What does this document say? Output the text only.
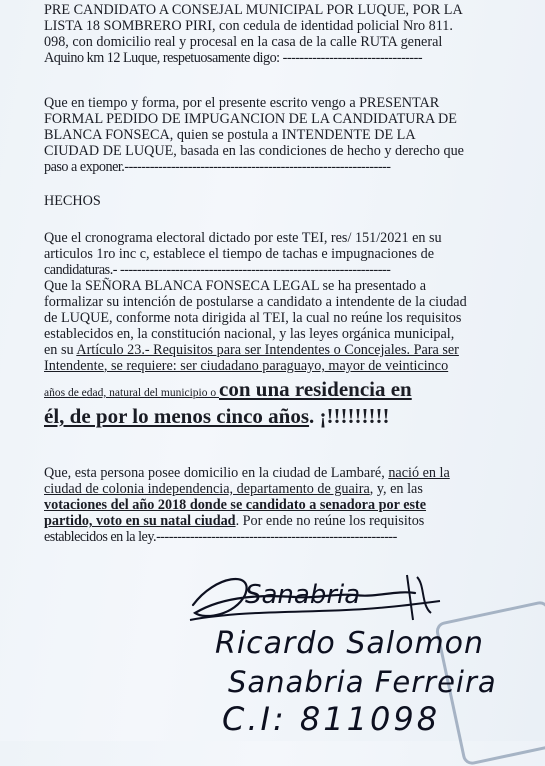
PRE CANDIDATO A CONSEJAL MUNICIPAL POR LUQUE, POR LA

LISTA 18 SOMBRERO PIRI, con cedula de identidad policial Nro 811.

098, con domicilio real y procesal en la casa de la calle RUTA general

Aquino km 12 Luque, respetuosamente digo: ---------------------------------

Que en tiempo y forma, por el presente escrito vengo a PRESENTAR

FORMAL PEDIDO DE IMPUGANCION DE LA CANDIDATURA DE

BLANCA FONSECA, quien se postula a INTENDENTE DE LA

CIUDAD DE LUQUE, basada en las condiciones de hecho y derecho que

paso a exponer.---------------------------------------------------------------

HECHOS

Que el cronograma electoral dictado por este TEI, res/ 151/2021 en su

articulos 1ro inc c, establece el tiempo de tachas e impugnaciones de

candidaturas.- ----------------------------------------------------------------

Que la SEÑORA BLANCA FONSECA LEGAL se ha presentado a

formalizar su intención de postularse a candidato a intendente de la ciudad

de LUQUE, conforme nota dirigida al TEI, la cual no reúne los requisitos

establecidos en, la constitución nacional, y las leyes orgánica municipal,

en su Artículo 23.- Requisitos para ser Intendentes o Concejales. Para ser

Intendente, se requiere: ser ciudadano paraguayo, mayor de veinticinco

años de edad, natural del municipio o con una residencia en

él, de por lo menos cinco años. ¡!!!!!!!!!

Que, esta persona posee domicilio en la ciudad de Lambaré, nació en la

ciudad de colonia independencia, departamento de guaira, y, en las

votaciones del año 2018 donde se candidato a senadora por este

partido, voto en su natal ciudad. Por ende no reúne los requisitos

establecidos en la ley.---------------------------------------------------------

Sanabria
Ricardo Salomon
Sanabria Ferreira
C.I: 811098
